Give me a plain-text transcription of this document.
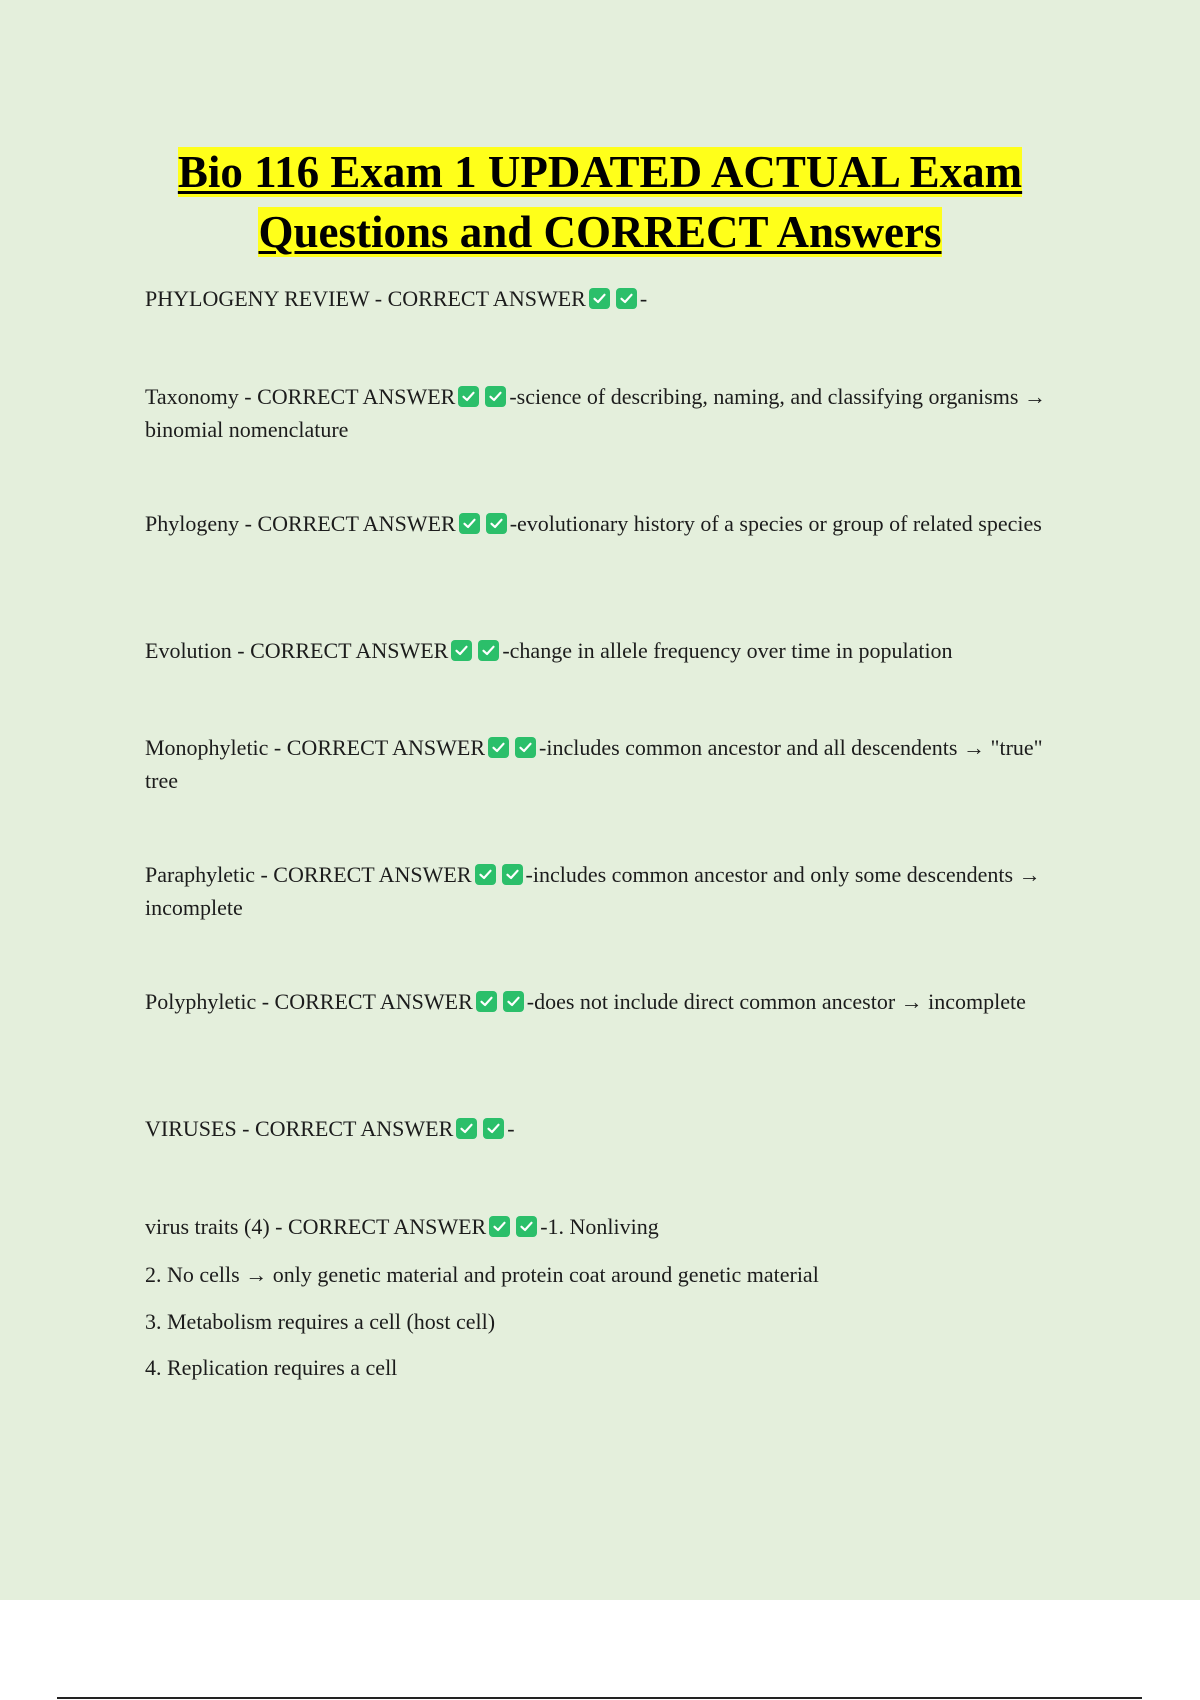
Bio 116 Exam 1 UPDATED ACTUAL Exam
Questions and CORRECT Answers
PHYLOGENY REVIEW - CORRECT ANSWER -
Taxonomy - CORRECT ANSWER -science of describing, naming, and classifying organisms → binomial nomenclature
Phylogeny - CORRECT ANSWER -evolutionary history of a species or group of related species
Evolution - CORRECT ANSWER -change in allele frequency over time in population
Monophyletic - CORRECT ANSWER -includes common ancestor and all descendents → "true" tree
Paraphyletic - CORRECT ANSWER -includes common ancestor and only some descendents → incomplete
Polyphyletic - CORRECT ANSWER -does not include direct common ancestor → incomplete
VIRUSES - CORRECT ANSWER -
virus traits (4) - CORRECT ANSWER -1. Nonliving
2. No cells → only genetic material and protein coat around genetic material
3. Metabolism requires a cell (host cell)
4. Replication requires a cell
